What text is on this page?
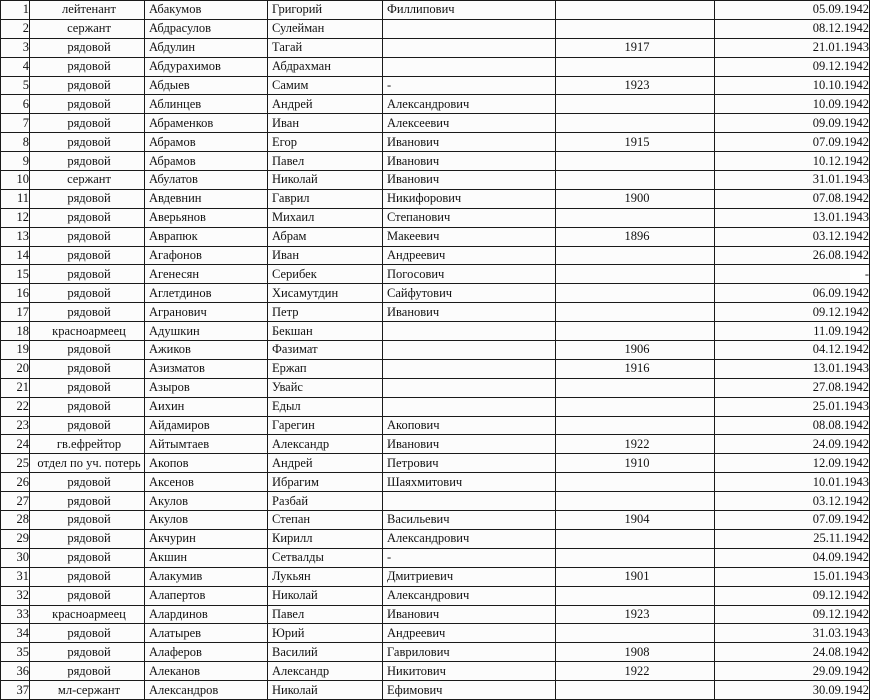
1	лейтенант	Абакумов	Григорий	Филлипович		05.09.1942
2	сержант	Абдрасулов	Сулейман			08.12.1942
3	рядовой	Абдулин	Тагай		1917	21.01.1943
4	рядовой	Абдурахимов	Абдрахман			09.12.1942
5	рядовой	Абдыев	Самим	-	1923	10.10.1942
6	рядовой	Аблинцев	Андрей	Александрович		10.09.1942
7	рядовой	Абраменков	Иван	Алексеевич		09.09.1942
8	рядовой	Абрамов	Егор	Иванович	1915	07.09.1942
9	рядовой	Абрамов	Павел	Иванович		10.12.1942
10	сержант	Абулатов	Николай	Иванович		31.01.1943
11	рядовой	Авдевнин	Гаврил	Никифорович	1900	07.08.1942
12	рядовой	Аверьянов	Михаил	Степанович		13.01.1943
13	рядовой	Аврапюк	Абрам	Макеевич	1896	03.12.1942
14	рядовой	Агафонов	Иван	Андреевич		26.08.1942
15	рядовой	Агенесян	Серибек	Погосович		-
16	рядовой	Аглетдинов	Хисамутдин	Сайфутович		06.09.1942
17	рядовой	Агранович	Петр	Иванович		09.12.1942
18	красноармеец	Адушкин	Бекшан			11.09.1942
19	рядовой	Ажиков	Фазимат		1906	04.12.1942
20	рядовой	Азизматов	Ержап		1916	13.01.1943
21	рядовой	Азыров	Увайс			27.08.1942
22	рядовой	Аихин	Едыл			25.01.1943
23	рядовой	Айдамиров	Гарегин	Акопович		08.08.1942
24	гв.ефрейтор	Айтымтаев	Александр	Иванович	1922	24.09.1942
25	отдел по уч. потерь	Акопов	Андрей	Петрович	1910	12.09.1942
26	рядовой	Аксенов	Ибрагим	Шаяхмитович		10.01.1943
27	рядовой	Акулов	Разбай			03.12.1942
28	рядовой	Акулов	Степан	Васильевич	1904	07.09.1942
29	рядовой	Акчурин	Кирилл	Александрович		25.11.1942
30	рядовой	Акшин	Сетвалды	-		04.09.1942
31	рядовой	Алакумив	Лукьян	Дмитриевич	1901	15.01.1943
32	рядовой	Алапертов	Николай	Александрович		09.12.1942
33	красноармеец	Алардинов	Павел	Иванович	1923	09.12.1942
34	рядовой	Алатырев	Юрий	Андреевич		31.03.1943
35	рядовой	Алаферов	Василий	Гаврилович	1908	24.08.1942
36	рядовой	Алеканов	Александр	Никитович	1922	29.09.1942
37	мл-сержант	Александров	Николай	Ефимович		30.09.1942
